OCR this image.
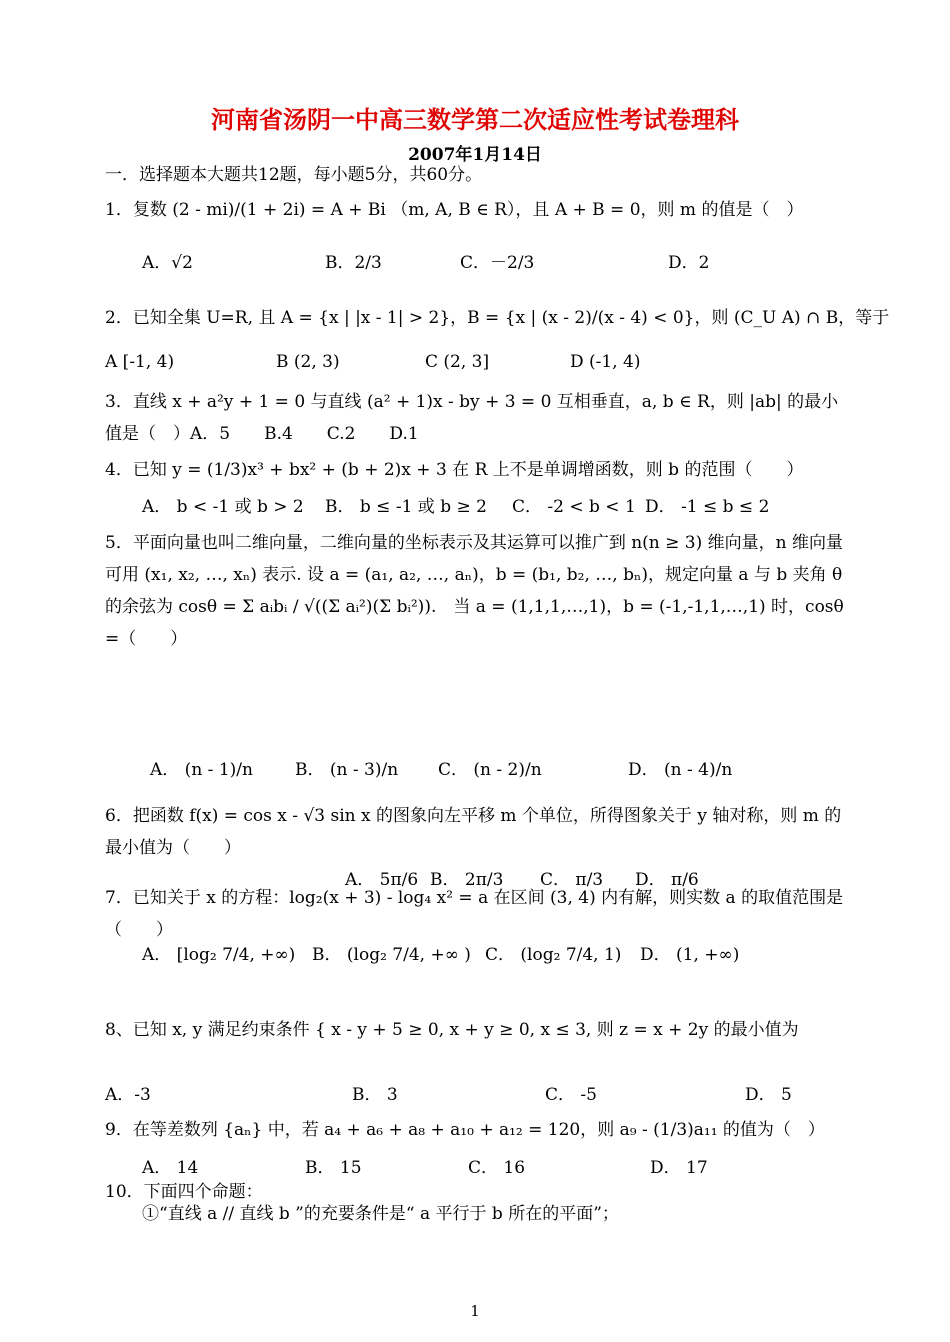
河南省汤阴一中高三数学第二次适应性考试卷理科
2007年1月14日
一．选择题本大题共12题，每小题5分，共60分。
1．复数 (2 - mi)/(1 + 2i) = A + Bi （m, A, B ∈ R），且 A + B = 0，则 m 的值是（　）
A．√2	B．2/3	C．－2/3	D．2
2．已知全集 U=R, 且 A = {x | |x - 1| > 2}，B = {x | (x - 2)/(x - 4) < 0}，则 (C_U A) ∩ B，等于
A [-1, 4)	B (2, 3)	C (2, 3]	D (-1, 4)
3．直线 x + a²y + 1 = 0 与直线 (a² + 1)x - by + 3 = 0 互相垂直，a, b ∈ R，则 |ab| 的最小值是（　）A．5　　B.4　　C.2　　D.1
4．已知 y = (1/3)x³ + bx² + (b + 2)x + 3 在 R 上不是单调增函数，则 b 的范围（　　）
A． b < -1 或 b > 2 B． b ≤ -1 或 b ≥ 2 C． -2 < b < 1 D． -1 ≤ b ≤ 2
5．平面向量也叫二维向量，二维向量的坐标表示及其运算可以推广到 n(n ≥ 3) 维向量，n 维向量可用 (x₁, x₂, …, xₙ) 表示. 设 a = (a₁, a₂, …, aₙ)，b = (b₁, b₂, …, bₙ)，规定向量 a 与 b 夹角 θ 的余弦为 cosθ = Σ aᵢbᵢ / √((Σ aᵢ²)(Σ bᵢ²)).　当 a = (1,1,1,…,1)，b = (-1,-1,1,…,1) 时，cosθ =（　　）
A． (n - 1)/n B． (n - 3)/n C． (n - 2)/n	D． (n - 4)/n
6．把函数 f(x) = cos x - √3 sin x 的图象向左平移 m 个单位，所得图象关于 y 轴对称，则 m 的最小值为（　　）
A． 5π/6 B． 2π/3 C． π/3 D． π/6
7．已知关于 x 的方程：log₂(x + 3) - log₄ x² = a 在区间 (3, 4) 内有解，则实数 a 的取值范围是（　　）
A． [log₂ 7/4, +∞) B． (log₂ 7/4, +∞ ) C． (log₂ 7/4, 1) D． (1, +∞)
8、已知 x, y 满足约束条件 { x - y + 5 ≥ 0, x + y ≥ 0, x ≤ 3, 则 z = x + 2y 的最小值为
A．-3	B． 3	C． -5	D． 5
9．在等差数列 {aₙ} 中，若 a₄ + a₆ + a₈ + a₁₀ + a₁₂ = 120，则 a₉ - (1/3)a₁₁ 的值为（　）
A． 14	B． 15	C． 16	D． 17
10．下面四个命题：
①“直线 a // 直线 b ”的充要条件是“ a 平行于 b 所在的平面”；
1
